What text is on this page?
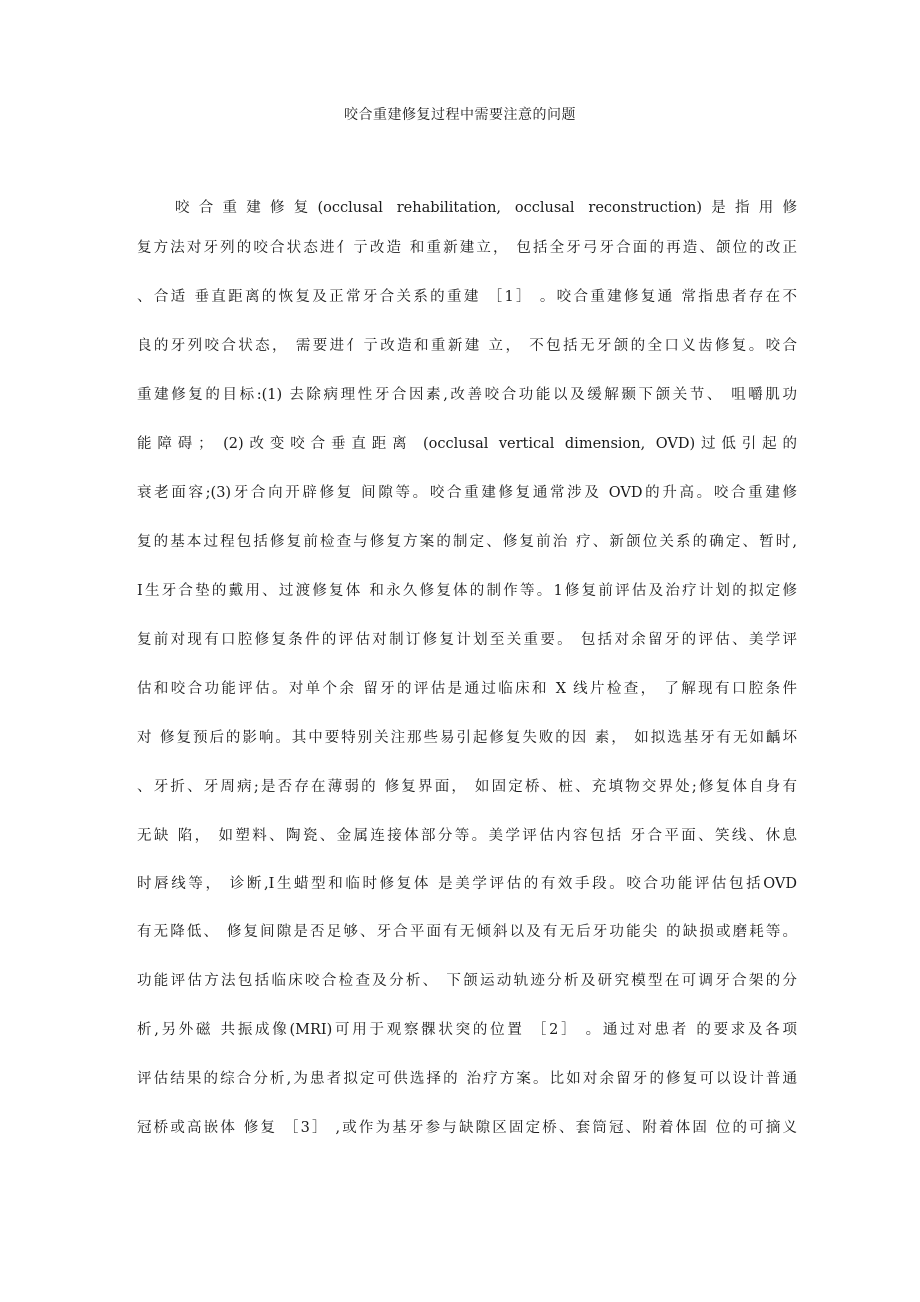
咬合重建修复过程中需要注意的问题
咬合重建修复(occlusal rehabilitation, occlusal reconstruction)是指用修
复方法对牙列的咬合状态进亻亍改造 和重新建立， 包括全牙弓牙合面的再造、颌位的改正
、合适 垂直距离的恢复及正常牙合关系的重建 ［1］ 。咬合重建修复通 常指患者存在不
良的牙列咬合状态， 需要进亻亍改造和重新建 立， 不包括无牙颌的全口义齿修复。咬合
重建修复的目标:(1) 去除病理性牙合因素,改善咬合功能以及缓解颞下颌关节、 咀嚼肌功
能障碍； (2)改变咬合垂直距离 (occlusal vertical dimension, OVD)过低引起的
衰老面容;(3)牙合向开辟修复 间隙等。咬合重建修复通常涉及 OVD的升高。咬合重建修
复的基本过程包括修复前检查与修复方案的制定、修复前治 疗、新颌位关系的确定、暂时,
I生牙合垫的戴用、过渡修复体 和永久修复体的制作等。1修复前评估及治疗计划的拟定修
复前对现有口腔修复条件的评估对制订修复计划至关重要。 包括对余留牙的评估、美学评
估和咬合功能评估。对单个余 留牙的评估是通过临床和 X 线片检查， 了解现有口腔条件
对 修复预后的影响。其中要特别关注那些易引起修复失败的因 素， 如拟选基牙有无如齲坏
、牙折、牙周病;是否存在薄弱的 修复界面， 如固定桥、桩、充填物交界处;修复体自身有
无缺 陷， 如塑料、陶瓷、金属连接体部分等。美学评估内容包括 牙合平面、笑线、休息
时唇线等， 诊断,I生蜡型和临时修复体 是美学评估的有效手段。咬合功能评估包括OVD
有无降低、 修复间隙是否足够、牙合平面有无倾斜以及有无后牙功能尖 的缺损或磨耗等。
功能评估方法包括临床咬合检查及分析、 下颌运动轨迹分析及研究模型在可调牙合架的分
析,另外磁 共振成像(MRI)可用于观察髁状突的位置 ［2］ 。通过对患者 的要求及各项
评估结果的综合分析,为患者拟定可供选择的 治疗方案。比如对余留牙的修复可以设计普通
冠桥或高嵌体 修复 ［3］ ,或作为基牙参与缺隙区固定桥、套筒冠、附着体固 位的可摘义
